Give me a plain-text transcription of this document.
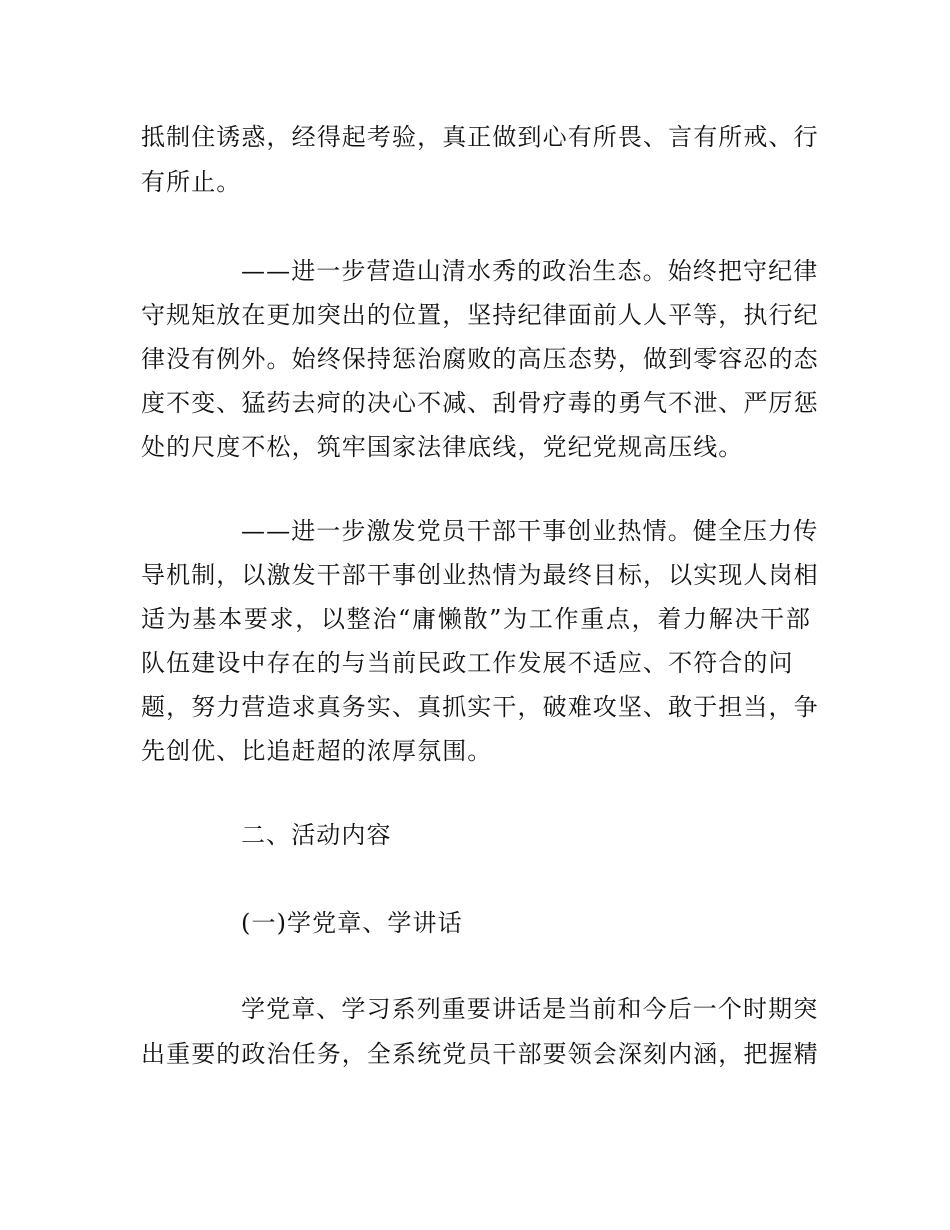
抵制住诱惑，经得起考验，真正做到心有所畏、言有所戒、行
有所止。
——进一步营造山清水秀的政治生态。始终把守纪律
守规矩放在更加突出的位置，坚持纪律面前人人平等，执行纪
律没有例外。始终保持惩治腐败的高压态势，做到零容忍的态
度不变、猛药去疴的决心不减、刮骨疗毒的勇气不泄、严厉惩
处的尺度不松，筑牢国家法律底线，党纪党规高压线。
——进一步激发党员干部干事创业热情。健全压力传
导机制，以激发干部干事创业热情为最终目标，以实现人岗相
适为基本要求，以整治“庸懒散”为工作重点，着力解决干部
队伍建设中存在的与当前民政工作发展不适应、不符合的问
题，努力营造求真务实、真抓实干，破难攻坚、敢于担当，争
先创优、比追赶超的浓厚氛围。
二、活动内容
(一)学党章、学讲话
学党章、学习系列重要讲话是当前和今后一个时期突
出重要的政治任务，全系统党员干部要领会深刻内涵，把握精
